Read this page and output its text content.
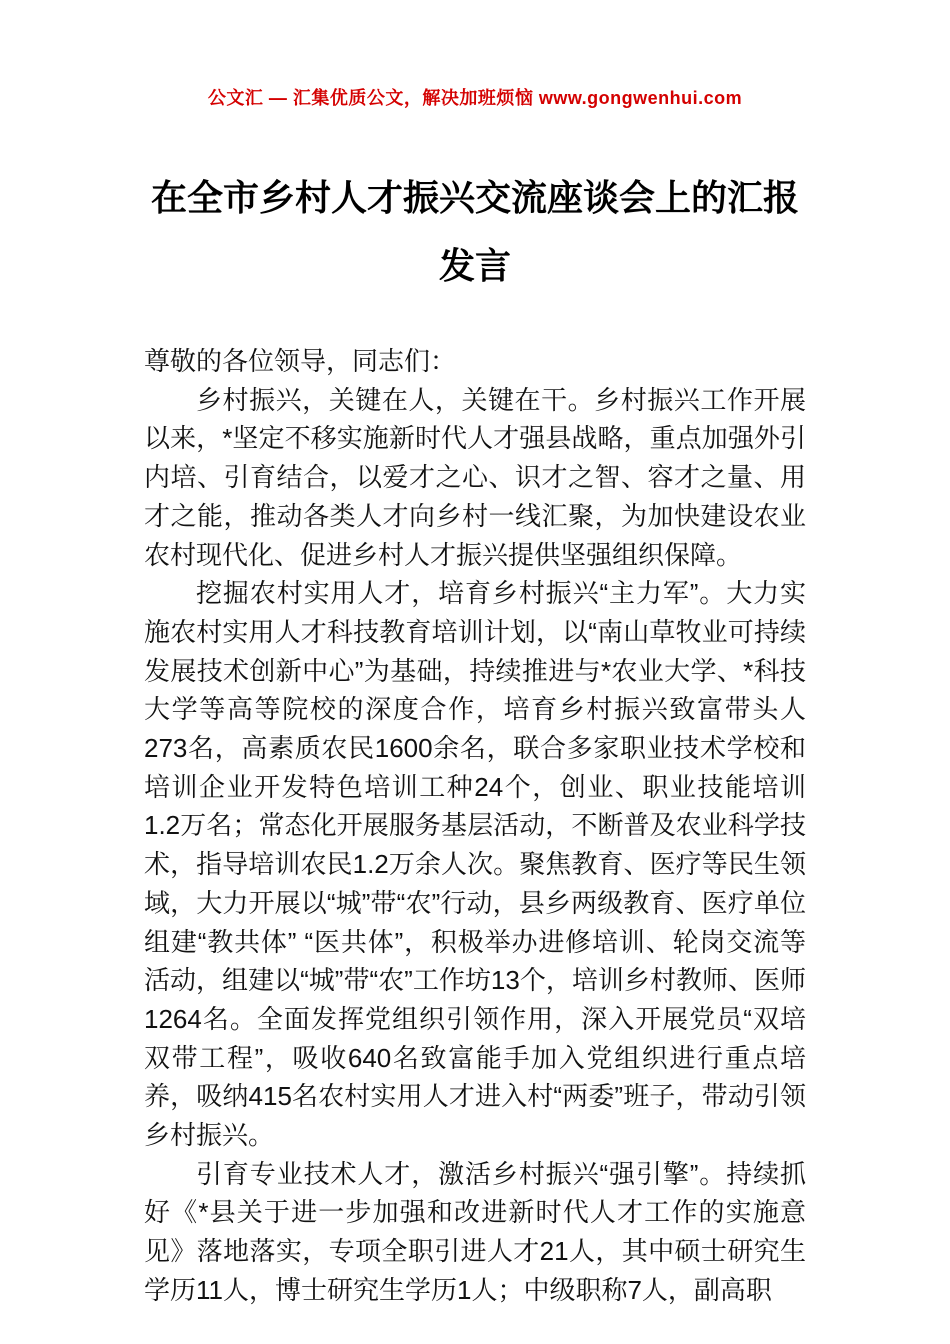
公文汇 — 汇集优质公文，解决加班烦恼 www.gongwenhui.com
在全市乡村人才振兴交流座谈会上的汇报发言

尊敬的各位领导，同志们：

乡村振兴，关键在人，关键在干。乡村振兴工作开展以来，*坚定不移实施新时代人才强县战略，重点加强外引内培、引育结合，以爱才之心、识才之智、容才之量、用才之能，推动各类人才向乡村一线汇聚，为加快建设农业农村现代化、促进乡村人才振兴提供坚强组织保障。

挖掘农村实用人才，培育乡村振兴“主力军”。大力实施农村实用人才科技教育培训计划，以“南山草牧业可持续发展技术创新中心”为基础，持续推进与*农业大学、*科技大学等高等院校的深度合作，培育乡村振兴致富带头人273名，高素质农民1600余名，联合多家职业技术学校和培训企业开发特色培训工种24个，创业、职业技能培训1.2万名；常态化开展服务基层活动，不断普及农业科学技术，指导培训农民1.2万余人次。聚焦教育、医疗等民生领域，大力开展以“城”带“农”行动，县乡两级教育、医疗单位组建“教共体” “医共体”，积极举办进修培训、轮岗交流等活动，组建以“城”带“农”工作坊13个，培训乡村教师、医师1264名。全面发挥党组织引领作用，深入开展党员“双培双带工程”，吸收640名致富能手加入党组织进行重点培养，吸纳415名农村实用人才进入村“两委”班子，带动引领乡村振兴。

引育专业技术人才，激活乡村振兴“强引擎”。持续抓好《*县关于进一步加强和改进新时代人才工作的实施意见》落地落实，专项全职引进人才21人，其中硕士研究生学历11人，博士研究生学历1人；中级职称7人，副高职
